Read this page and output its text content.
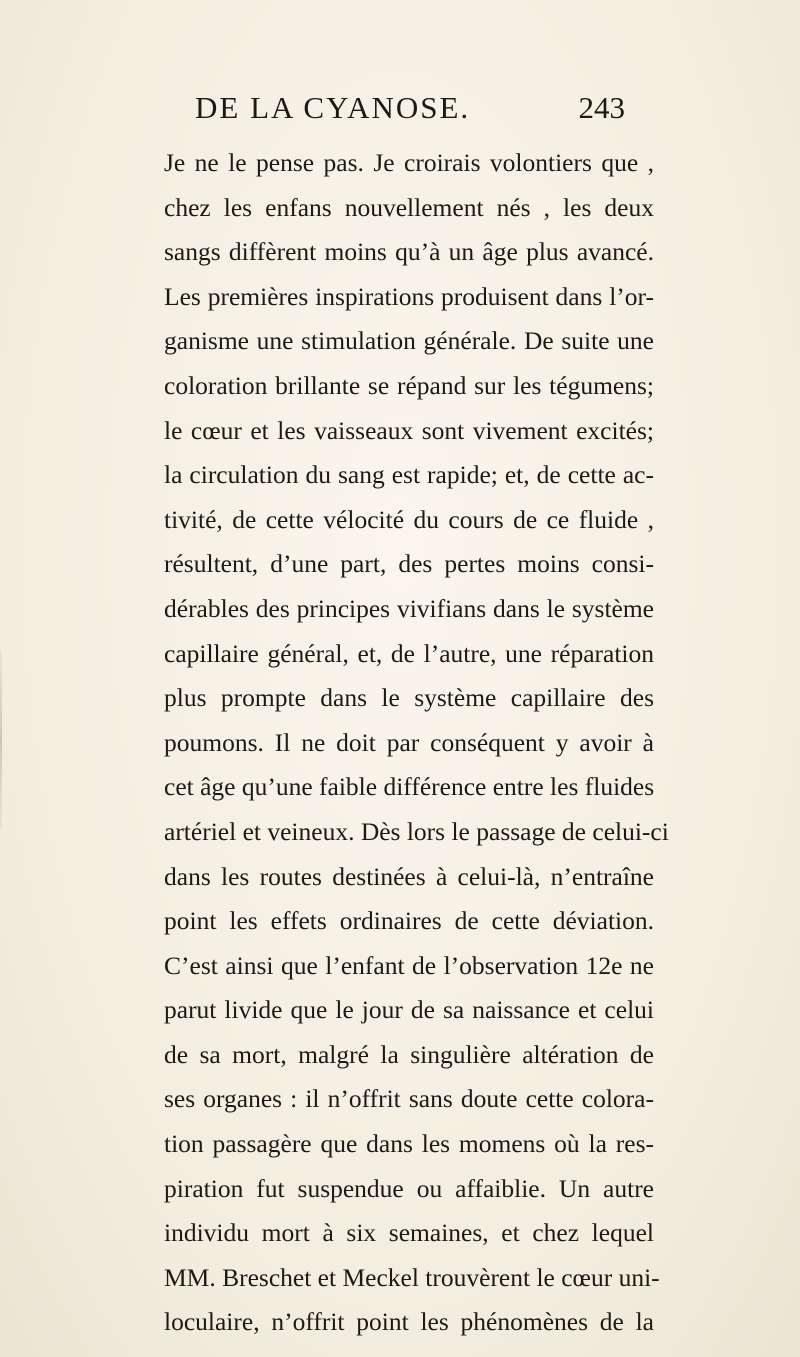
DE LA CYANOSE.	243
Je ne le pense pas. Je croirais volontiers que ,
chez les enfans nouvellement nés , les deux
sangs diffèrent moins qu’à un âge plus avancé.
Les premières inspirations produisent dans l’or-
ganisme une stimulation générale. De suite une
coloration brillante se répand sur les tégumens;
le cœur et les vaisseaux sont vivement excités;
la circulation du sang est rapide; et, de cette ac-
tivité, de cette vélocité du cours de ce fluide ,
résultent, d’une part, des pertes moins consi-
dérables des principes vivifians dans le système
capillaire général, et, de l’autre, une réparation
plus prompte dans le système capillaire des
poumons. Il ne doit par conséquent y avoir à
cet âge qu’une faible différence entre les fluides
artériel et veineux. Dès lors le passage de celui-ci
dans les routes destinées à celui-là, n’entraîne
point les effets ordinaires de cette déviation.
C’est ainsi que l’enfant de l’observation 12e ne
parut livide que le jour de sa naissance et celui
de sa mort, malgré la singulière altération de
ses organes : il n’offrit sans doute cette colora-
tion passagère que dans les momens où la res-
piration fut suspendue ou affaiblie. Un autre
individu mort à six semaines, et chez lequel
MM. Breschet et Meckel trouvèrent le cœur uni-
loculaire, n’offrit point les phénomènes de la
